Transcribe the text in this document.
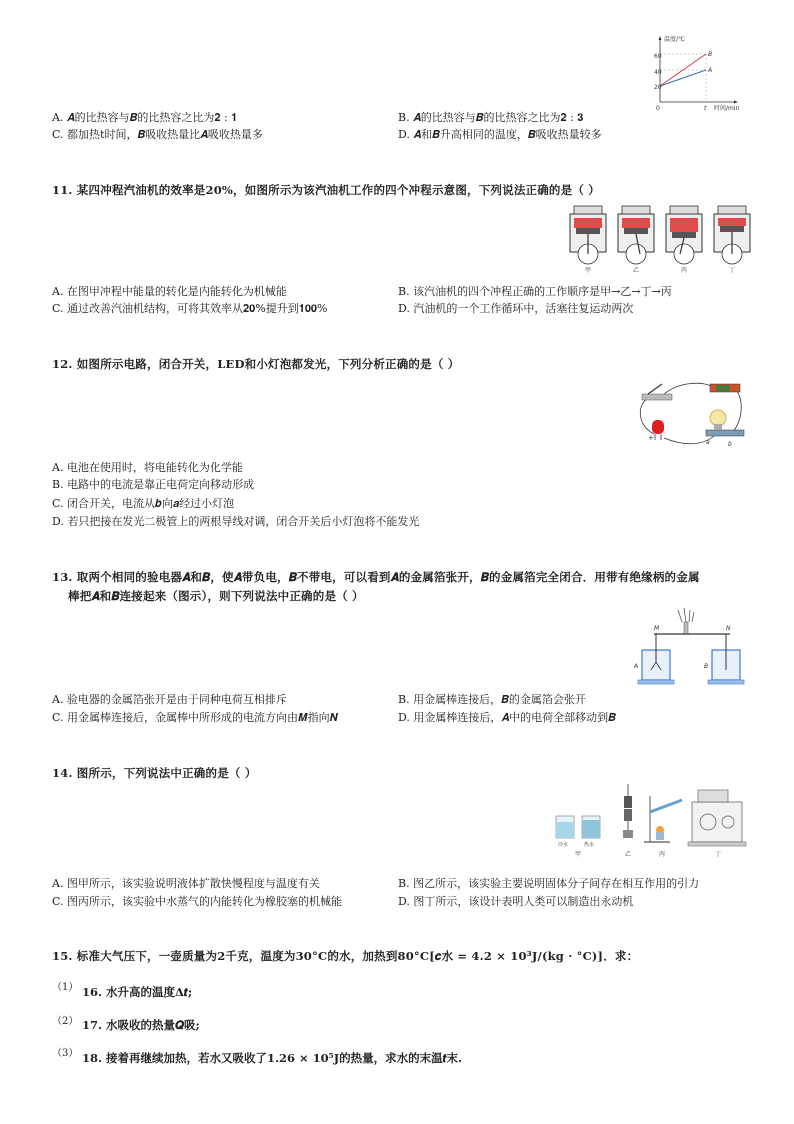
60
40
20
0	t
温度/℃
时间/min
B
A
A. 𝑨的比热容与𝑩的比热容之比为𝟐 : 𝟏	B. 𝑨的比热容与𝑩的比热容之比为𝟐 : 𝟑
C. 都加热t时间，𝑩吸收热量比𝑨吸收热量多	D. 𝑨和𝑩升高相同的温度，𝑩吸收热量较多
11. 某四冲程汽油机的效率是𝟐𝟎%，如图所示为该汽油机工作的四个冲程示意图，下列说法正确的是（ ）
甲	乙	丙	丁
A. 在图甲冲程中能量的转化是内能转化为机械能	B. 该汽油机的四个冲程正确的工作顺序是甲→乙→丁→丙
C. 通过改善汽油机结构，可将其效率从𝟐𝟎%提升到𝟏𝟎𝟎%	D. 汽油机的一个工作循环中，活塞往复运动两次
12. 如图所示电路，闭合开关，LED和小灯泡都发光，下列分析正确的是（ ）
+
a	b
A. 电池在使用时，将电能转化为化学能
B. 电路中的电流是靠正电荷定向移动形成
C. 闭合开关，电流从𝒃向𝒂经过小灯泡
D. 若只把接在发光二极管上的两根导线对调，闭合开关后小灯泡将不能发光
13. 取两个相同的验电器𝑨和𝑩，使𝑨带负电，𝑩不带电，可以看到𝑨的金属箔张开，𝑩的金属箔完全闭合．用带有绝缘柄的金属
棒把𝑨和𝑩连接起来（图示），则下列说法中正确的是（ ）
M	N
A	B
A. 验电器的金属箔张开是由于同种电荷互相排斥	B. 用金属棒连接后，𝑩的金属箔会张开
C. 用金属棒连接后，金属棒中所形成的电流方向由𝑴指向𝑵	D. 用金属棒连接后，𝑨中的电荷全部移动到𝑩
14. 图所示，下列说法中正确的是（ ）
冷水	热水
甲	乙	丙	丁
A. 图甲所示，该实验说明液体扩散快慢程度与温度有关	B. 图乙所示，该实验主要说明固体分子间存在相互作用的引力
C. 图丙所示，该实验中水蒸气的内能转化为橡胶塞的机械能	D. 图丁所示，该设计表明人类可以制造出永动机
15. 标准大气压下，一壶质量为𝟐千克，温度为𝟑𝟎°C的水，加热到𝟖𝟎°C[𝒄水 = 𝟒.𝟐 × 𝟏𝟎³J/(kg · °C)]．求：
（1） 16. 水升高的温度𝚫𝒕;
（2） 17. 水吸收的热量𝑸吸;
（3） 18. 接着再继续加热，若水又吸收了𝟏.𝟐𝟔 × 𝟏𝟎⁵J的热量，求水的末温𝒕末.
